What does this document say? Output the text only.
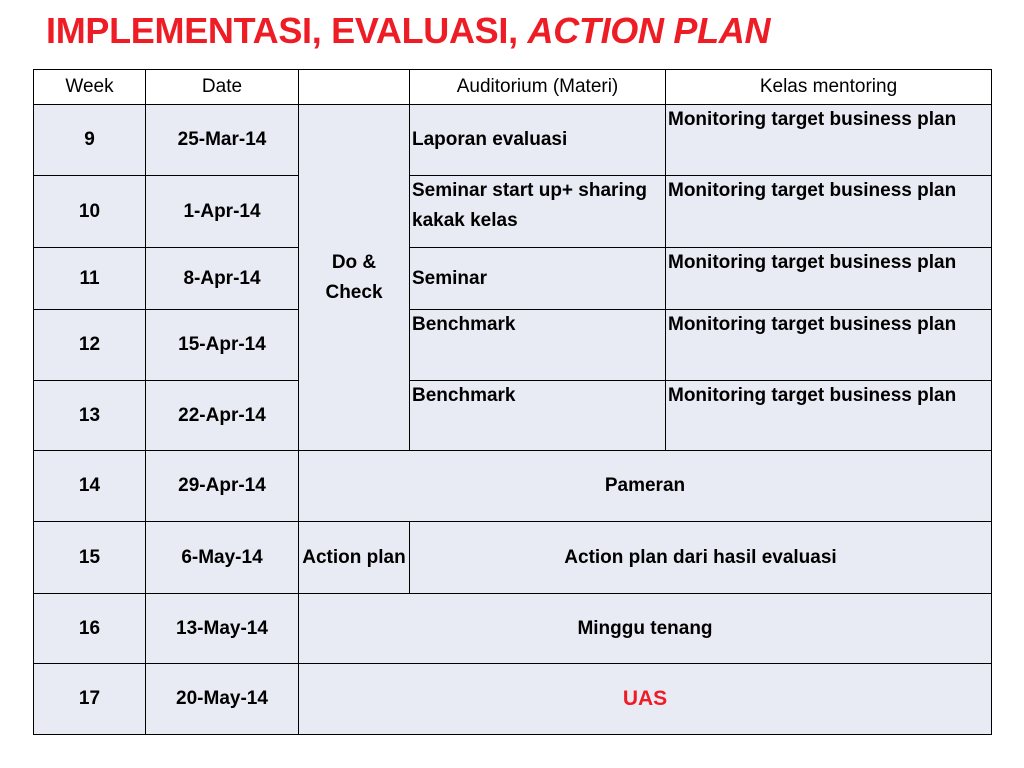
IMPLEMENTASI, EVALUASI, ACTION PLAN
Week	Date		Auditorium (Materi)	Kelas mentoring
9	25-Mar-14	Do & Check	Laporan evaluasi	Monitoring target business plan
10	1-Apr-14		Seminar start up+ sharing kakak kelas	Monitoring target business plan
11	8-Apr-14		Seminar	Monitoring target business plan
12	15-Apr-14		Benchmark	Monitoring target business plan
13	22-Apr-14		Benchmark	Monitoring target business plan
14	29-Apr-14	Pameran		
15	6-May-14	Action plan	Action plan dari hasil evaluasi	
16	13-May-14	Minggu tenang		
17	20-May-14	UAS		
